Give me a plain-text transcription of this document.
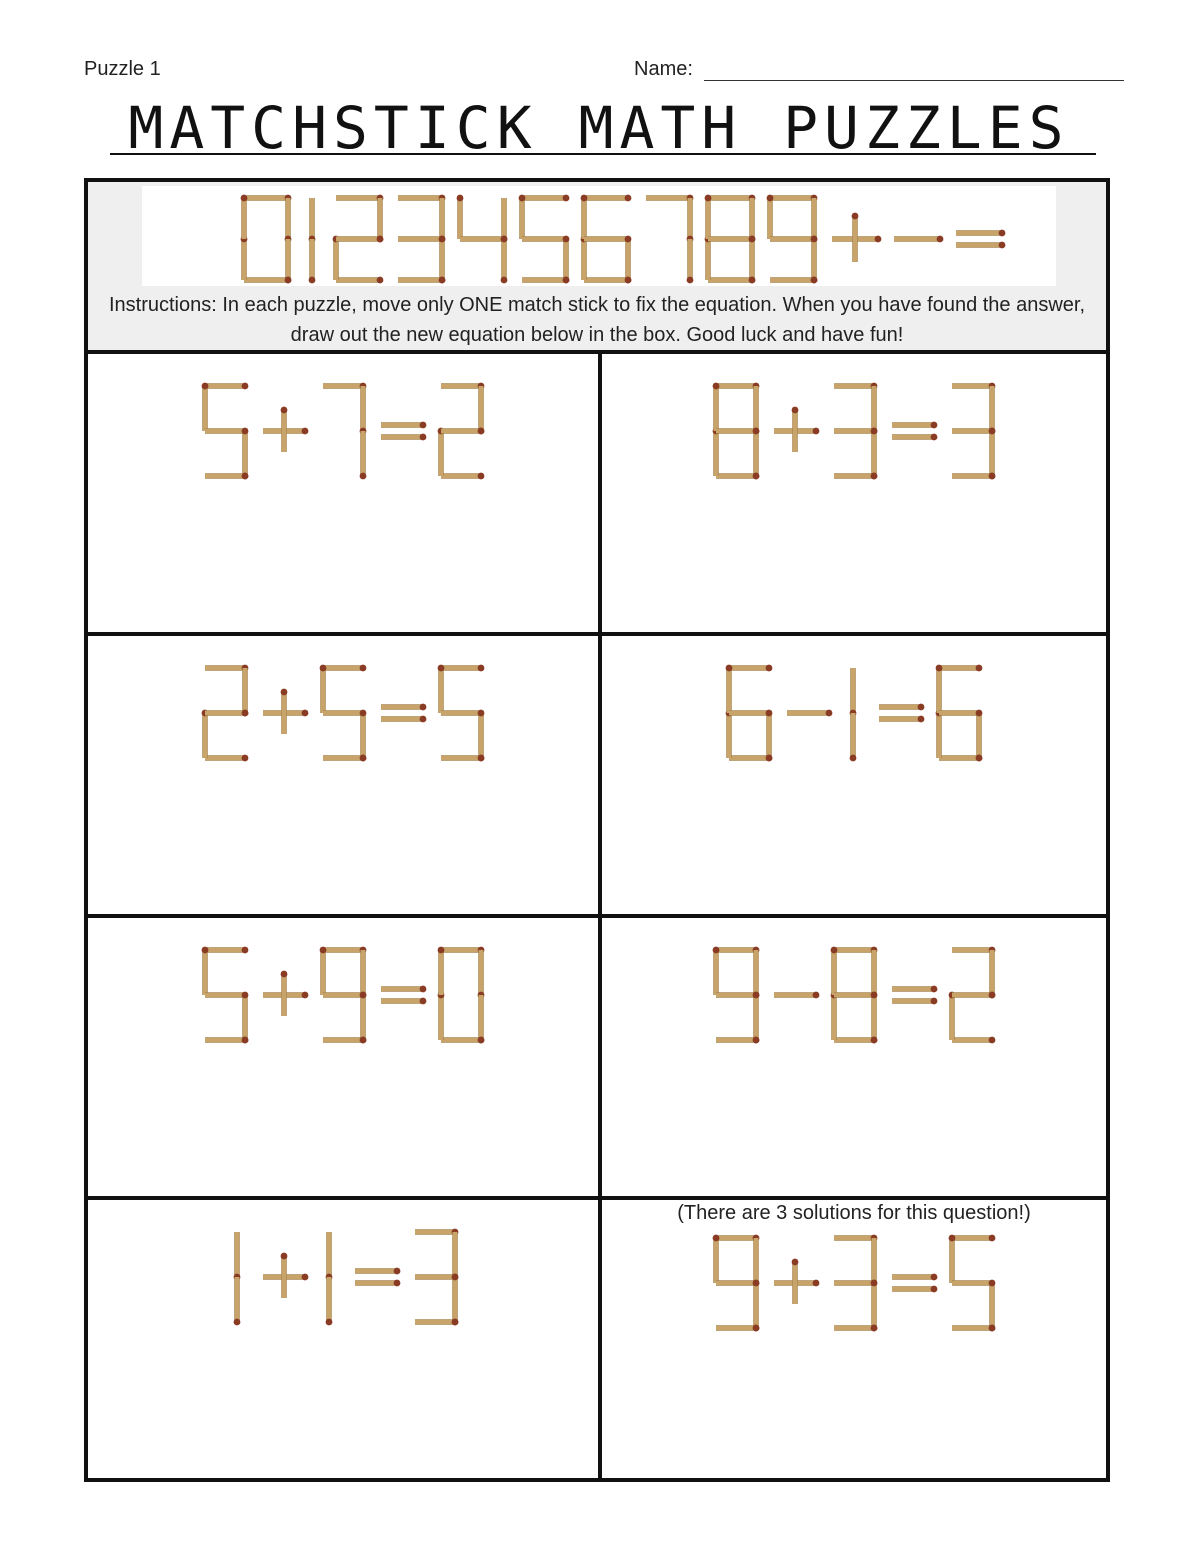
Puzzle 1	Name:
MATCHSTICK MATH PUZZLES
Instructions: In each puzzle, move only ONE match stick to fix the equation. When you have found the answer, draw out the new equation below in the box. Good luck and have fun!
(There are 3 solutions for this question!)
